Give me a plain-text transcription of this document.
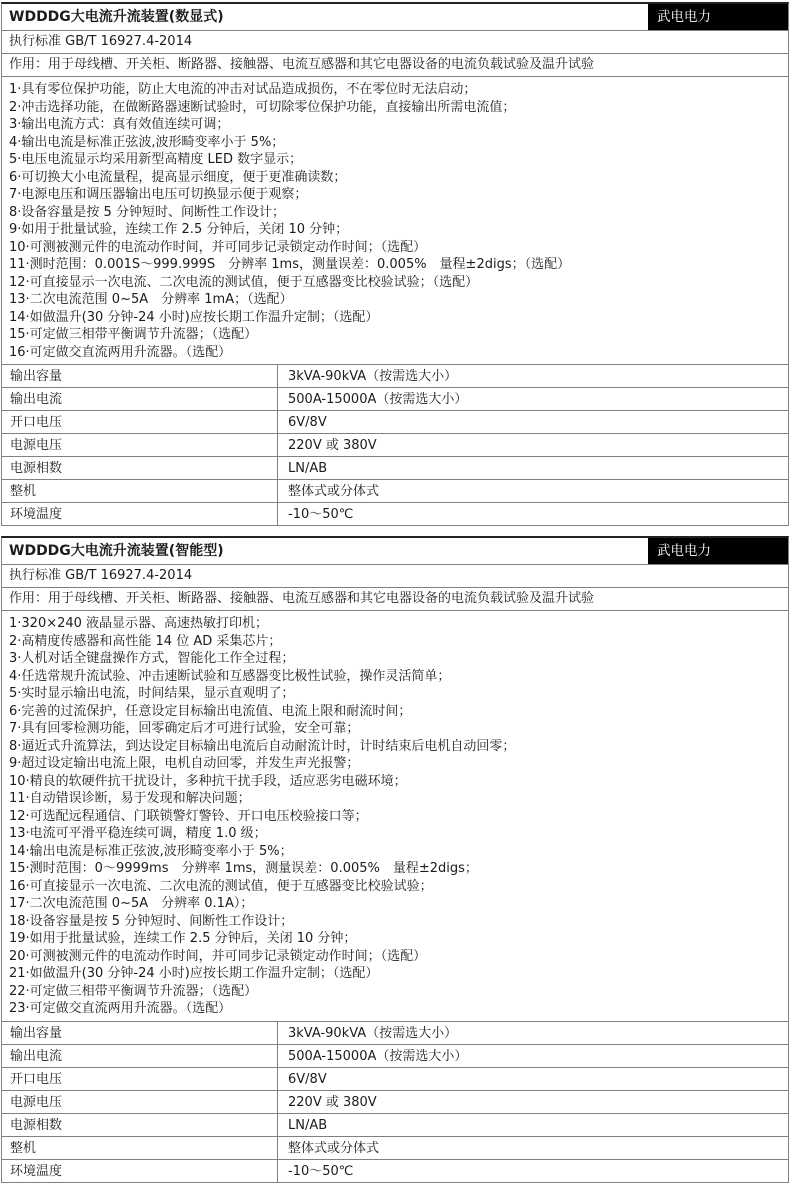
WDDDG大电流升流装置(数显式)	武电电力
执行标准 GB/T 16927.4-2014
作用：用于母线槽、开关柜、断路器、接触器、电流互感器和其它电器设备的电流负载试验及温升试验
1·具有零位保护功能，防止大电流的冲击对试品造成损伤，不在零位时无法启动；
2·冲击选择功能，在做断路器速断试验时，可切除零位保护功能，直接输出所需电流值；
3·输出电流方式：真有效值连续可调；
4·输出电流是标准正弦波,波形畸变率小于 5%；
5·电压电流显示均采用新型高精度 LED 数字显示；
6·可切换大小电流量程，提高显示细度，便于更准确读数；
7·电源电压和调压器输出电压可切换显示便于观察；
8·设备容量是按 5 分钟短时、间断性工作设计；
9·如用于批量试验，连续工作 2.5 分钟后，关闭 10 分钟；
10·可测被测元件的电流动作时间，并可同步记录锁定动作时间；（选配）
11·测时范围：0.001S～999.999S　分辨率 1ms，测量误差：0.005%　量程±2digs；（选配）
12·可直接显示一次电流、二次电流的测试值，便于互感器变比校验试验；（选配）
13·二次电流范围 0~5A　分辨率 1mA；（选配）
14·如做温升(30 分钟-24 小时)应按长期工作温升定制；（选配）
15·可定做三相带平衡调节升流器；（选配）
16·可定做交直流两用升流器。（选配）
输出容量	3kVA-90kVA（按需选大小）
输出电流	500A-15000A（按需选大小）
开口电压	6V/8V
电源电压	220V 或 380V
电源相数	LN/AB
整机	整体式或分体式
环境温度	-10～50℃
WDDDG大电流升流装置(智能型)	武电电力
执行标准 GB/T 16927.4-2014
作用：用于母线槽、开关柜、断路器、接触器、电流互感器和其它电器设备的电流负载试验及温升试验
1·320×240 液晶显示器、高速热敏打印机；
2·高精度传感器和高性能 14 位 AD 采集芯片；
3·人机对话全键盘操作方式，智能化工作全过程；
4·任选常规升流试验、冲击速断试验和互感器变比极性试验，操作灵活简单；
5·实时显示输出电流，时间结果，显示直观明了；
6·完善的过流保护，任意设定目标输出电流值、电流上限和耐流时间；
7·具有回零检测功能，回零确定后才可进行试验，安全可靠；
8·逼近式升流算法，到达设定目标输出电流后自动耐流计时，计时结束后电机自动回零；
9·超过设定输出电流上限，电机自动回零，并发生声光报警；
10·精良的软硬件抗干扰设计，多种抗干扰手段，适应恶劣电磁环境；
11·自动错误诊断，易于发现和解决问题；
12·可选配远程通信、门联锁警灯警铃、开口电压校验接口等；
13·电流可平滑平稳连续可调，精度 1.0 级；
14·输出电流是标准正弦波,波形畸变率小于 5%；
15·测时范围：0～9999ms　分辨率 1ms，测量误差：0.005%　量程±2digs；
16·可直接显示一次电流、二次电流的测试值，便于互感器变比校验试验；
17·二次电流范围 0~5A　分辨率 0.1A）；
18·设备容量是按 5 分钟短时、间断性工作设计；
19·如用于批量试验，连续工作 2.5 分钟后，关闭 10 分钟；
20·可测被测元件的电流动作时间，并可同步记录锁定动作时间；（选配）
21·如做温升(30 分钟-24 小时)应按长期工作温升定制；（选配）
22·可定做三相带平衡调节升流器；（选配）
23·可定做交直流两用升流器。（选配）
输出容量	3kVA-90kVA（按需选大小）
输出电流	500A-15000A（按需选大小）
开口电压	6V/8V
电源电压	220V 或 380V
电源相数	LN/AB
整机	整体式或分体式
环境温度	-10～50℃
